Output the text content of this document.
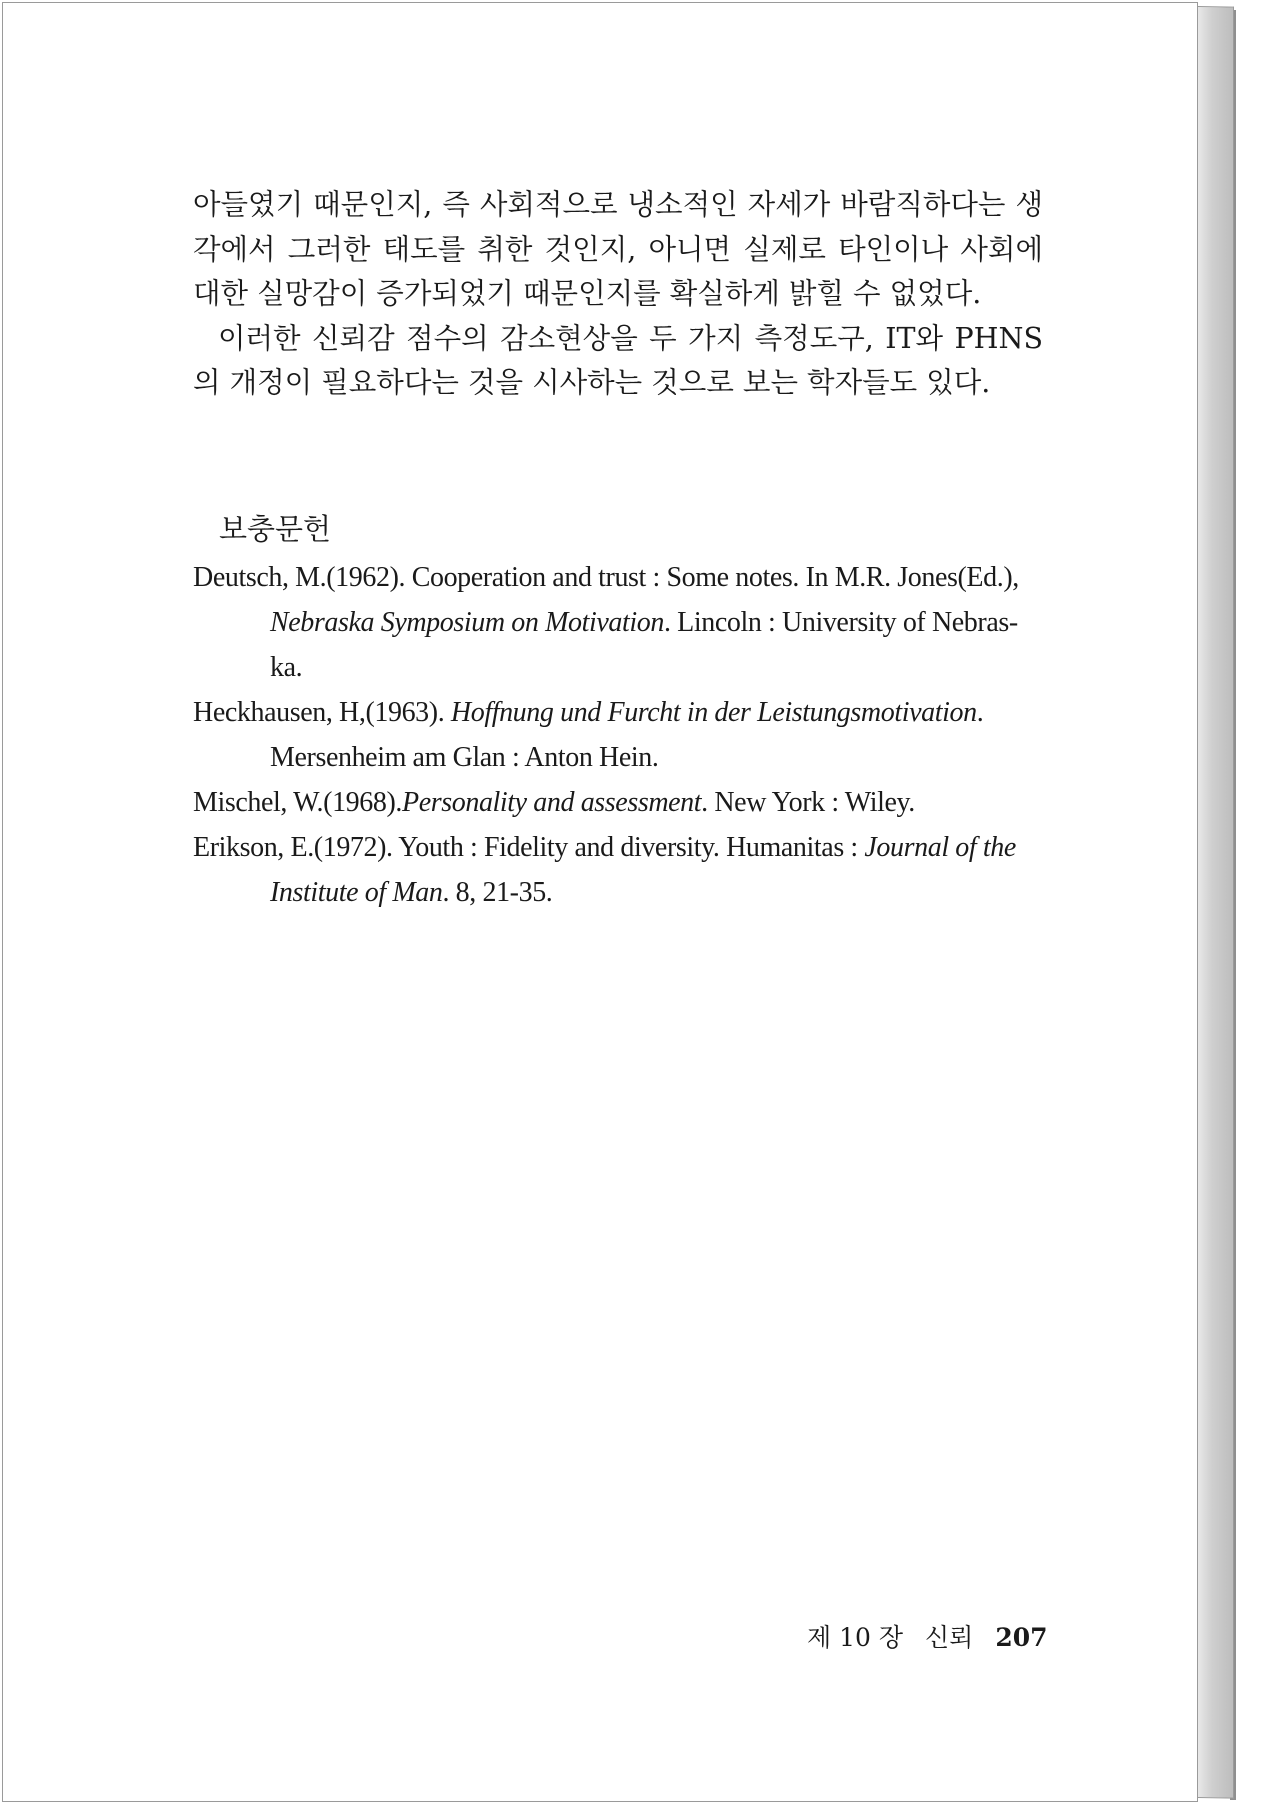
아들였기 때문인지, 즉 사회적으로 냉소적인 자세가 바람직하다는 생

각에서 그러한 태도를 취한 것인지, 아니면 실제로 타인이나 사회에

대한 실망감이 증가되었기 때문인지를 확실하게 밝힐 수 없었다.

이러한 신뢰감 점수의 감소현상을 두 가지 측정도구, IT와 PHNS

의 개정이 필요하다는 것을 시사하는 것으로 보는 학자들도 있다.

보충문헌

Deutsch, M.(1962). Cooperation and trust : Some notes. In M.R. Jones(Ed.), Nebraska Symposium on Motivation. Lincoln : University of Nebras-ka.

Heckhausen, H,(1963). Hoffnung und Furcht in der Leistungsmotivation. Mersenheim am Glan : Anton Hein.

Mischel, W.(1968).Personality and assessment. New York : Wiley.

Erikson, E.(1972). Youth : Fidelity and diversity. Humanitas : Journal of the Institute of Man. 8, 21-35.

제 10 장 신뢰 207
